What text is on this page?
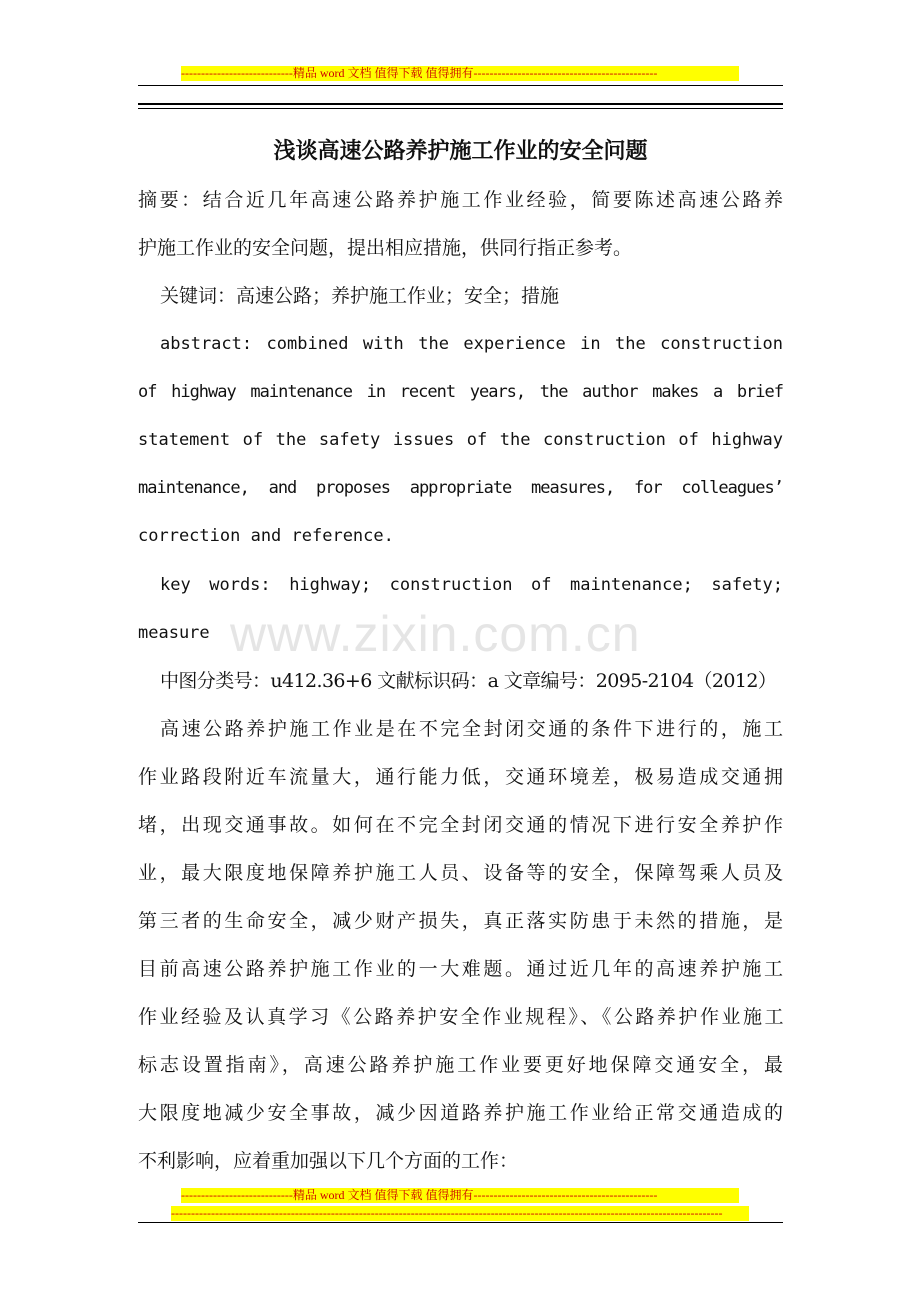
----------------------------精品 word 文档 值得下载 值得拥有----------------------------------------------
www.zixin.com.cn
浅谈高速公路养护施工作业的安全问题
摘要：结合近几年高速公路养护施工作业经验，简要陈述高速公路养
护施工作业的安全问题，提出相应措施，供同行指正参考。
关键词：高速公路；养护施工作业；安全；措施
abstract: combined with the experience in the construction
of highway maintenance in recent years, the author makes a brief
statement of the safety issues of the construction of highway
maintenance, and proposes appropriate measures, for colleagues’
correction and reference.
key words: highway; construction of maintenance; safety;
measure
中图分类号：u412.36+6 文献标识码：a 文章编号：2095-2104（2012）
高速公路养护施工作业是在不完全封闭交通的条件下进行的，施工
作业路段附近车流量大，通行能力低，交通环境差，极易造成交通拥
堵，出现交通事故。如何在不完全封闭交通的情况下进行安全养护作
业，最大限度地保障养护施工人员、设备等的安全，保障驾乘人员及
第三者的生命安全，减少财产损失，真正落实防患于未然的措施，是
目前高速公路养护施工作业的一大难题。通过近几年的高速养护施工
作业经验及认真学习《公路养护安全作业规程》、《公路养护作业施工
标志设置指南》，高速公路养护施工作业要更好地保障交通安全，最
大限度地减少安全事故，减少因道路养护施工作业给正常交通造成的
不利影响，应着重加强以下几个方面的工作：
----------------------------精品 word 文档 值得下载 值得拥有----------------------------------------------
------------------------------------------------------------------------------------------------------------------------------------------
